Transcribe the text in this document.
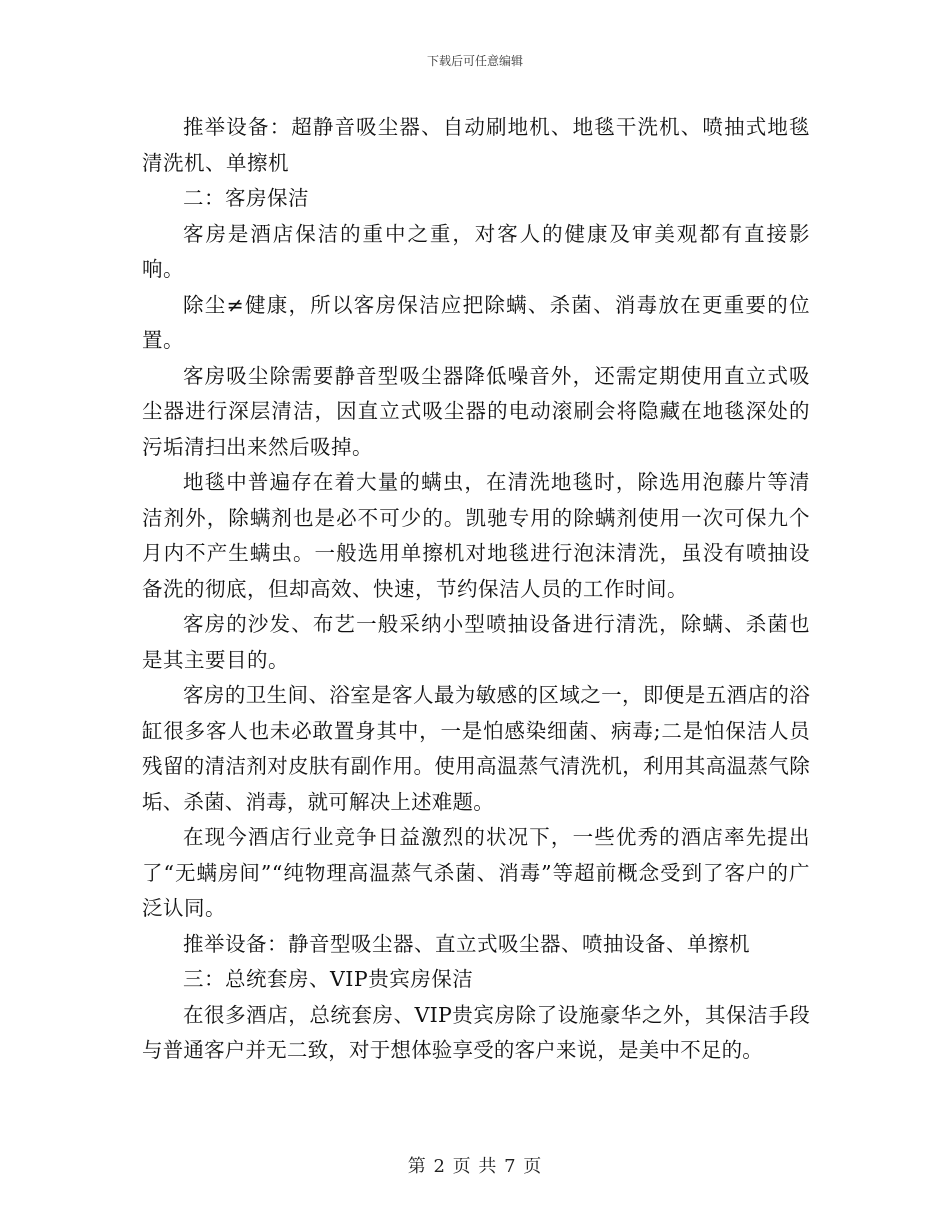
下载后可任意编辑

推举设备：超静音吸尘器、自动刷地机、地毯干洗机、喷抽式地毯清洗机、单擦机

二：客房保洁

客房是酒店保洁的重中之重，对客人的健康及审美观都有直接影响。

除尘≠健康，所以客房保洁应把除螨、杀菌、消毒放在更重要的位置。

客房吸尘除需要静音型吸尘器降低噪音外，还需定期使用直立式吸尘器进行深层清洁，因直立式吸尘器的电动滚刷会将隐藏在地毯深处的污垢清扫出来然后吸掉。

地毯中普遍存在着大量的螨虫，在清洗地毯时，除选用泡藤片等清洁剂外，除螨剂也是必不可少的。凯驰专用的除螨剂使用一次可保九个月内不产生螨虫。一般选用单擦机对地毯进行泡沫清洗，虽没有喷抽设备洗的彻底，但却高效、快速，节约保洁人员的工作时间。

客房的沙发、布艺一般采纳小型喷抽设备进行清洗，除螨、杀菌也是其主要目的。

客房的卫生间、浴室是客人最为敏感的区域之一，即便是五酒店的浴缸很多客人也未必敢置身其中，一是怕感染细菌、病毒;二是怕保洁人员残留的清洁剂对皮肤有副作用。使用高温蒸气清洗机，利用其高温蒸气除垢、杀菌、消毒，就可解决上述难题。

在现今酒店行业竞争日益激烈的状况下，一些优秀的酒店率先提出了“无螨房间”“纯物理高温蒸气杀菌、消毒”等超前概念受到了客户的广泛认同。

推举设备：静音型吸尘器、直立式吸尘器、喷抽设备、单擦机

三：总统套房、VIP贵宾房保洁

在很多酒店，总统套房、VIP贵宾房除了设施豪华之外，其保洁手段与普通客户并无二致，对于想体验享受的客户来说，是美中不足的。

第 2 页 共 7 页
